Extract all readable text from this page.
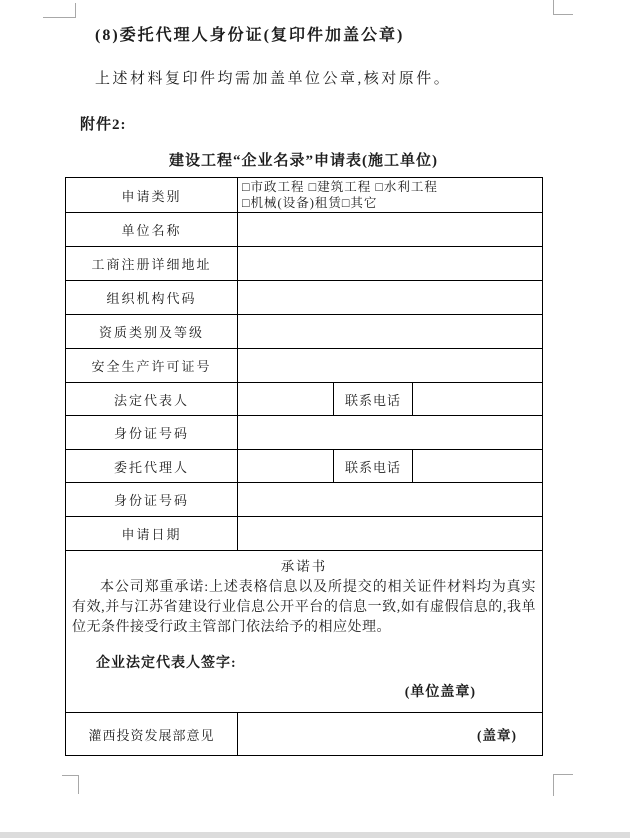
(8)委托代理人身份证(复印件加盖公章)
上述材料复印件均需加盖单位公章,核对原件。
附件2:
建设工程“企业名录”申请表(施工单位)
申请类别	□市政工程 □建筑工程 □水利工程
□机械(设备)租赁□其它		

单位名称			
工商注册详细地址			
组织机构代码			
资质类别及等级			
安全生产许可证号			
法定代表人		联系电话	
身份证号码			
委托代理人		联系电话	
身份证号码			
申请日期			

承诺书
本公司郑重承诺:上述表格信息以及所提交的相关证件材料均为真实有效,并与江苏省建设行业信息公开平台的信息一致,如有虚假信息的,我单位无条件接受行政主管部门依法给予的相应处理。
企业法定代表人签字:
(单位盖章)			

灌西投资发展部意见	(盖章)		
